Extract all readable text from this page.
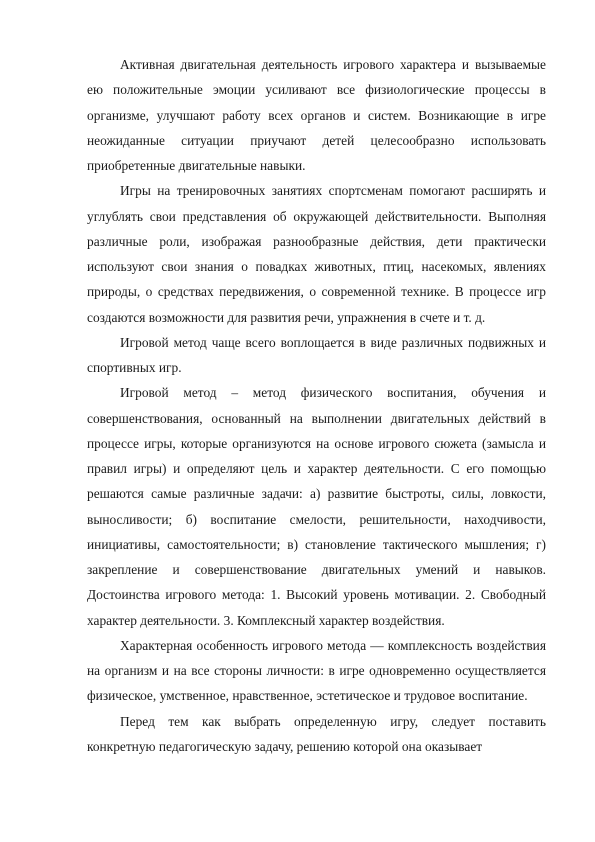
Активная двигательная деятельность игрового характера и вызываемые ею положительные эмоции усиливают все физиологические процессы в организме, улучшают работу всех органов и систем. Возникающие в игре неожиданные ситуации приучают детей целесообразно использовать приобретенные двигательные навыки.

Игры на тренировочных занятиях спортсменам помогают расширять и углублять свои представления об окружающей действительности. Выполняя различные роли, изображая разнообразные действия, дети практически используют свои знания о повадках животных, птиц, насекомых, явлениях природы, о средствах передвижения, о современной технике. В процессе игр создаются возможности для развития речи, упражнения в счете и т. д.

Игровой метод чаще всего воплощается в виде различных подвижных и спортивных игр.

Игровой метод – метод физического воспитания, обучения и совершенствования, основанный на выполнении двигательных действий в процессе игры, которые организуются на основе игрового сюжета (замысла и правил игры) и определяют цель и характер деятельности. С его помощью решаются самые различные задачи: а) развитие быстроты, силы, ловкости, выносливости; б) воспитание смелости, решительности, находчивости, инициативы, самостоятельности; в) становление тактического мышления; г) закрепление и совершенствование двигательных умений и навыков. Достоинства игрового метода: 1. Высокий уровень мотивации. 2. Свободный характер деятельности. 3. Комплексный характер воздействия.

Характерная особенность игрового метода — комплексность воздействия на организм и на все стороны личности: в игре одновременно осуществляется физическое, умственное, нравственное, эстетическое и трудовое воспитание.

Перед тем как выбрать определенную игру, следует поставить конкретную педагогическую задачу, решению которой она оказывает
